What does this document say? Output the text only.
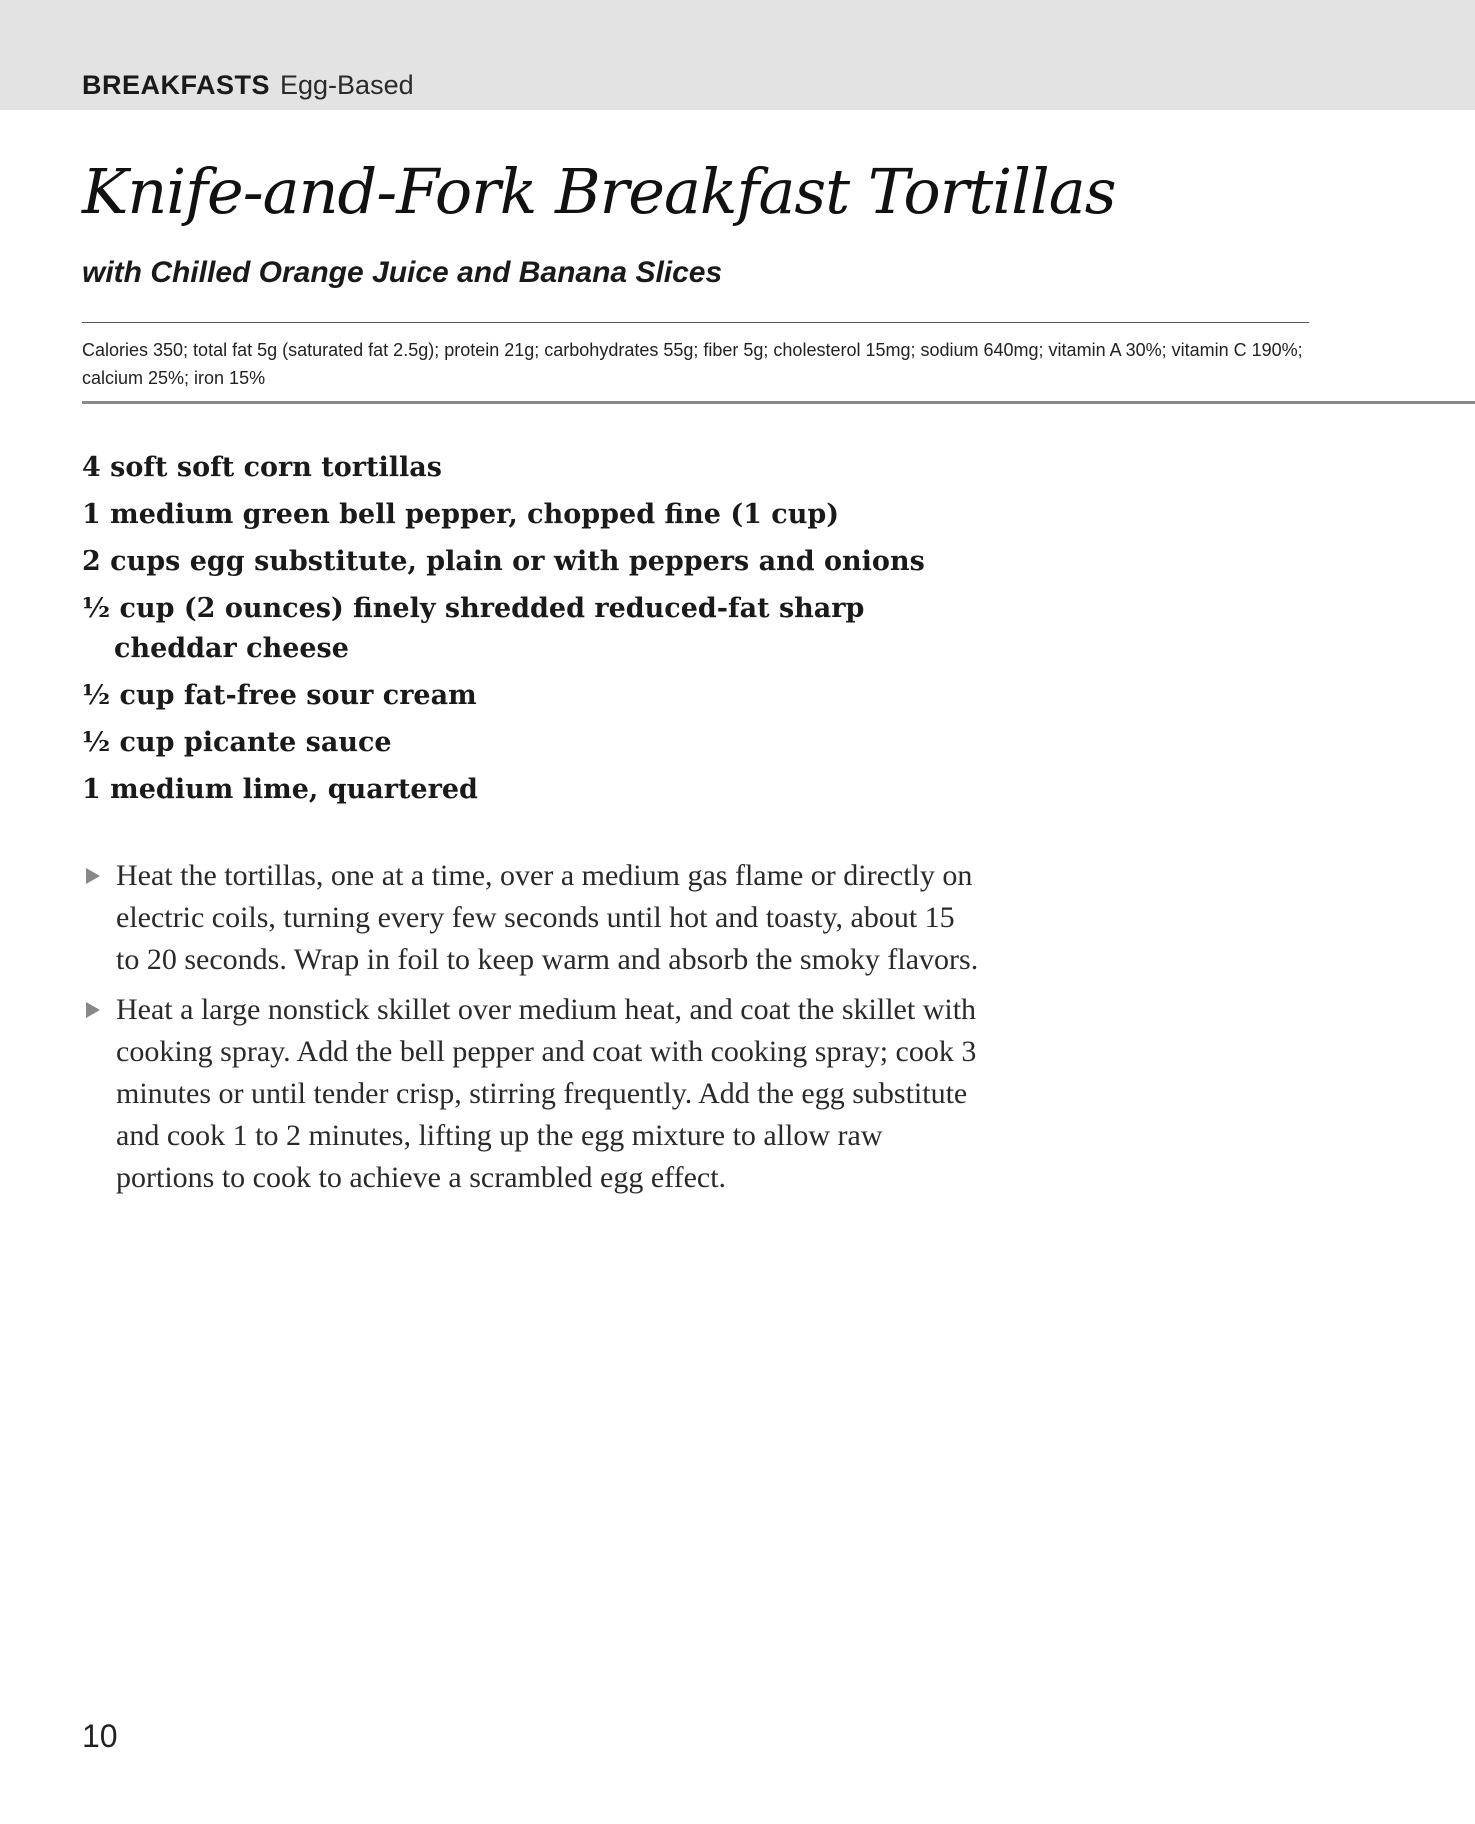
BREAKFASTS Egg-Based
Knife-and-Fork Breakfast Tortillas
with Chilled Orange Juice and Banana Slices

Calories 350; total fat 5g (saturated fat 2.5g); protein 21g; carbohydrates 55g; fiber 5g; cholesterol 15mg; sodium 640mg; vitamin A 30%; vitamin C 190%; calcium 25%; iron 15%

4 soft soft corn tortillas
1 medium green bell pepper, chopped fine (1 cup)
2 cups egg substitute, plain or with peppers and onions
½ cup (2 ounces) finely shredded reduced-fat sharp cheddar cheese
½ cup fat-free sour cream
½ cup picante sauce
1 medium lime, quartered
Heat the tortillas, one at a time, over a medium gas flame or directly on electric coils, turning every few seconds until hot and toasty, about 15 to 20 seconds. Wrap in foil to keep warm and absorb the smoky flavors.
Heat a large nonstick skillet over medium heat, and coat the skillet with cooking spray. Add the bell pepper and coat with cooking spray; cook 3 minutes or until tender crisp, stirring frequently. Add the egg substitute and cook 1 to 2 minutes, lifting up the egg mixture to allow raw portions to cook to achieve a scrambled egg effect.
10
